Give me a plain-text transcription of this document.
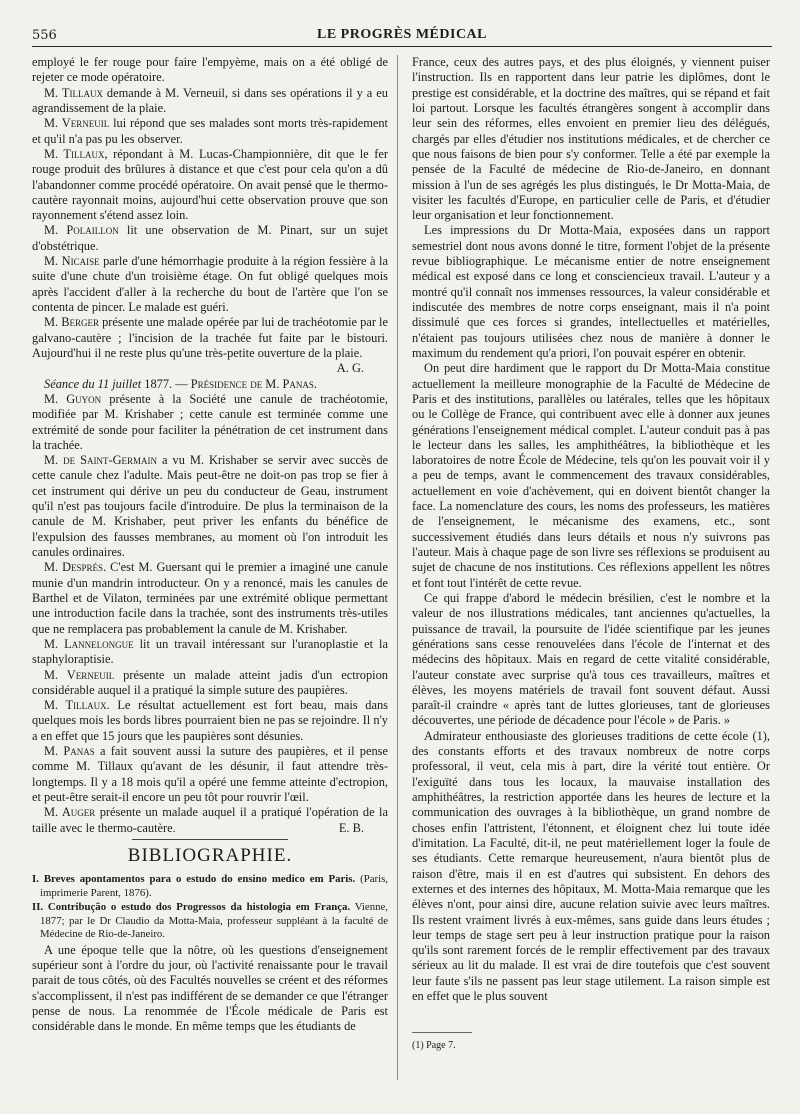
556	LE PROGRÈS MÉDICAL

employé le fer rouge pour faire l'empyème, mais on a été obligé de rejeter ce mode opératoire.

M. Tillaux demande à M. Verneuil, si dans ses opérations il y a eu agrandissement de la plaie.

M. Verneuil lui répond que ses malades sont morts très-rapidement et qu'il n'a pas pu les observer.

M. Tillaux, répondant à M. Lucas-Championnière, dit que le fer rouge produit des brûlures à distance et que c'est pour cela qu'on a dû l'abandonner comme procédé opératoire. On avait pensé que le thermo-cautère rayonnait moins, aujourd'hui cette observation prouve que son rayonnement s'étend assez loin.

M. Polaillon lit une observation de M. Pinart, sur un sujet d'obstétrique.

M. Nicaise parle d'une hémorrhagie produite à la région fessière à la suite d'une chute d'un troisième étage. On fut obligé quelques mois après l'accident d'aller à la recherche du bout de l'artère que l'on se contenta de pincer. Le malade est guéri.

M. Berger présente une malade opérée par lui de trachéotomie par le galvano-cautère ; l'incision de la trachée fut faite par le bistouri. Aujourd'hui il ne reste plus qu'une très-petite ouverture de la plaie.
A. G.

Séance du 11 juillet 1877. — Présidence de M. Panas.

M. Guyon présente à la Société une canule de trachéotomie, modifiée par M. Krishaber ; cette canule est terminée comme une extrémité de sonde pour faciliter la pénétration de cet instrument dans la trachée.

M. de Saint-Germain a vu M. Krishaber se servir avec succès de cette canule chez l'adulte. Mais peut-être ne doit-on pas trop se fier à cet instrument qui dérive un peu du conducteur de Geau, instrument qu'il n'est pas toujours facile d'introduire. De plus la terminaison de la canule de M. Krishaber, peut priver les enfants du bénéfice de l'expulsion des fausses membranes, au moment où l'on introduit les canules ordinaires.

M. Després. C'est M. Guersant qui le premier a imaginé une canule munie d'un mandrin introducteur. On y a renoncé, mais les canules de Barthel et de Vilaton, terminées par une extrémité oblique permettant une introduction facile dans la trachée, sont des instruments très-utiles que ne remplacera pas probablement la canule de M. Krishaber.

M. Lannelongue lit un travail intéressant sur l'uranoplastie et la staphyloraptisie.

M. Verneuil présente un malade atteint jadis d'un ectropion considérable auquel il a pratiqué la simple suture des paupières.

M. Tillaux. Le résultat actuellement est fort beau, mais dans quelques mois les bords libres pourraient bien ne pas se rejoindre. Il n'y a en effet que 15 jours que les paupières sont désunies.

M. Panas a fait souvent aussi la suture des paupières, et il pense comme M. Tillaux qu'avant de les désunir, il faut attendre très-longtemps. Il y a 18 mois qu'il a opéré une femme atteinte d'ectropion, et peut-être serait-il encore un peu tôt pour rouvrir l'œil.

M. Auger présente un malade auquel il a pratiqué l'opération de la taille avec le thermo-cautère.	E. B.

BIBLIOGRAPHIE.
I. Breves apontamentos para o estudo do ensino medico em Paris. (Paris, imprimerie Parent, 1876).
II. Contribução o estudo dos Progressos da histologia em França. Vienne, 1877; par le Dr Claudio da Motta-Maia, professeur suppléant à la faculté de Médecine de Rio-de-Janeiro.

A une époque telle que la nôtre, où les questions d'enseignement supérieur sont à l'ordre du jour, où l'activité renaissante pour le travail parait de tous côtés, où des Facultés nouvelles se créent et des réformes s'accomplissent, il n'est pas indifférent de se demander ce que l'étranger pense de nous. La renommée de l'École médicale de Paris est considérable dans le monde. En même temps que les étudiants de

France, ceux des autres pays, et des plus éloignés, y viennent puiser l'instruction. Ils en rapportent dans leur patrie les diplômes, dont le prestige est considérable, et la doctrine des maîtres, qui se répand et fait loi partout. Lorsque les facultés étrangères songent à accomplir dans leur sein des réformes, elles envoient en premier lieu des délégués, chargés par elles d'étudier nos institutions médicales, et de chercher ce que nous faisons de bien pour s'y conformer. Telle a été par exemple la pensée de la Faculté de médecine de Rio-de-Janeiro, en donnant mission à l'un de ses agrégés les plus distingués, le Dr Motta-Maia, de visiter les facultés d'Europe, en particulier celle de Paris, et d'étudier leur organisation et leur fonctionnement.

Les impressions du Dr Motta-Maia, exposées dans un rapport semestriel dont nous avons donné le titre, forment l'objet de la présente revue bibliographique. Le mécanisme entier de notre enseignement médical est exposé dans ce long et consciencieux travail. L'auteur y a montré qu'il connaît nos immenses ressources, la valeur considérable et indiscutée des membres de notre corps enseignant, mais il n'a point dissimulé que ces forces si grandes, intellectuelles et matérielles, n'étaient pas toujours utilisées chez nous de manière à donner le maximum du rendement qu'a priori, l'on pouvait espérer en obtenir.

On peut dire hardiment que le rapport du Dr Motta-Maia constitue actuellement la meilleure monographie de la Faculté de Médecine de Paris et des institutions, parallèles ou latérales, telles que les hôpitaux ou le Collège de France, qui contribuent avec elle à donner aux jeunes générations l'enseignement médical complet. L'auteur conduit pas à pas le lecteur dans les salles, les amphithéâtres, la bibliothèque et les laboratoires de notre École de Médecine, tels qu'on les pouvait voir il y a peu de temps, avant le commencement des travaux considérables, actuellement en voie d'achèvement, qui en doivent bientôt changer la face. La nomenclature des cours, les noms des professeurs, les matières de l'enseignement, le mécanisme des examens, etc., sont successivement étudiés dans leurs détails et nous n'y suivrons pas l'auteur. Mais à chaque page de son livre ses réflexions se produisent au sujet de chacune de nos institutions. Ces réflexions appellent les nôtres et font tout l'intérêt de cette revue.

Ce qui frappe d'abord le médecin brésilien, c'est le nombre et la valeur de nos illustrations médicales, tant anciennes qu'actuelles, la puissance de travail, la poursuite de l'idée scientifique par les jeunes générations sans cesse renouvelées dans l'école de l'internat et des médecins des hôpitaux. Mais en regard de cette vitalité considérable, l'auteur constate avec surprise qu'à tous ces travailleurs, maîtres et élèves, les moyens matériels de travail font souvent défaut. Aussi paraît-il craindre « après tant de luttes glorieuses, tant de glorieuses découvertes, une période de décadence pour l'école » de Paris. »

Admirateur enthousiaste des glorieuses traditions de cette école (1), des constants efforts et des travaux nombreux de notre corps professoral, il veut, cela mis à part, dire la vérité tout entière. Or l'exiguïté dans tous les locaux, la mauvaise installation des amphithéâtres, la restriction apportée dans les heures de lecture et la communication des ouvrages à la bibliothèque, un grand nombre de choses enfin l'attristent, l'étonnent, et éloignent chez lui toute idée d'imitation. La Faculté, dit-il, ne peut matériellement loger la foule de ses étudiants. Cette remarque heureusement, n'aura bientôt plus de raison d'être, mais il en est d'autres qui subsistent. En dehors des externes et des internes des hôpitaux, M. Motta-Maia remarque que les élèves n'ont, pour ainsi dire, aucune relation suivie avec leurs maîtres. Ils restent vraiment livrés à eux-mêmes, sans guide dans leurs études ; leur temps de stage sert peu à leur instruction pratique pour la raison qu'ils sont rarement forcés de le remplir effectivement par des travaux sérieux au lit du malade. Il est vrai de dire toutefois que c'est souvent leur faute s'ils ne passent pas leur stage utilement. La raison simple est en effet que le plus souvent

(1) Page 7.
